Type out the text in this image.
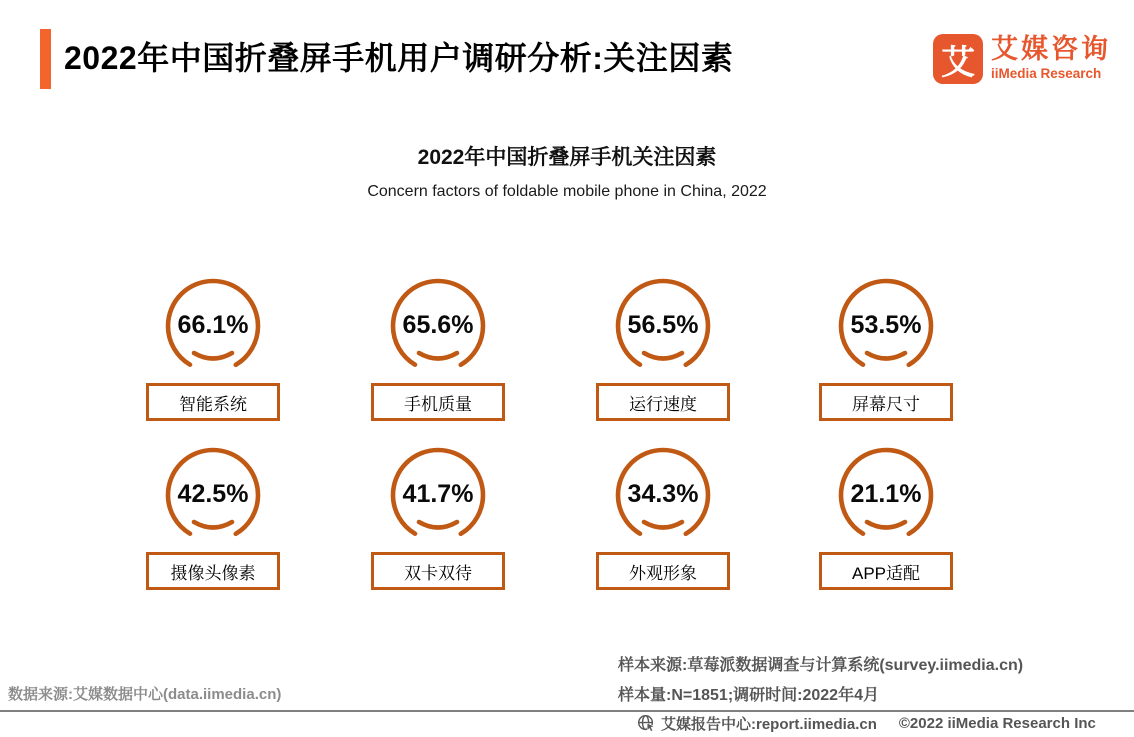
2022年中国折叠屏手机用户调研分析:关注因素	艾 艾媒咨询
iiMedia Research
2022年中国折叠屏手机关注因素
Concern factors of foldable mobile phone in China, 2022
66.1%
智能系统
65.6%
手机质量
56.5%
运行速度
53.5%
屏幕尺寸
42.5%
摄像头像素
41.7%
双卡双待
34.3%
外观形象
21.1%
APP适配
数据来源:艾媒数据中心(data.iimedia.cn)
样本来源:草莓派数据调查与计算系统(survey.iimedia.cn)
样本量:N=1851;调研时间:2022年4月
艾媒报告中心:report.iimedia.cn ©2022 iiMedia Research Inc
